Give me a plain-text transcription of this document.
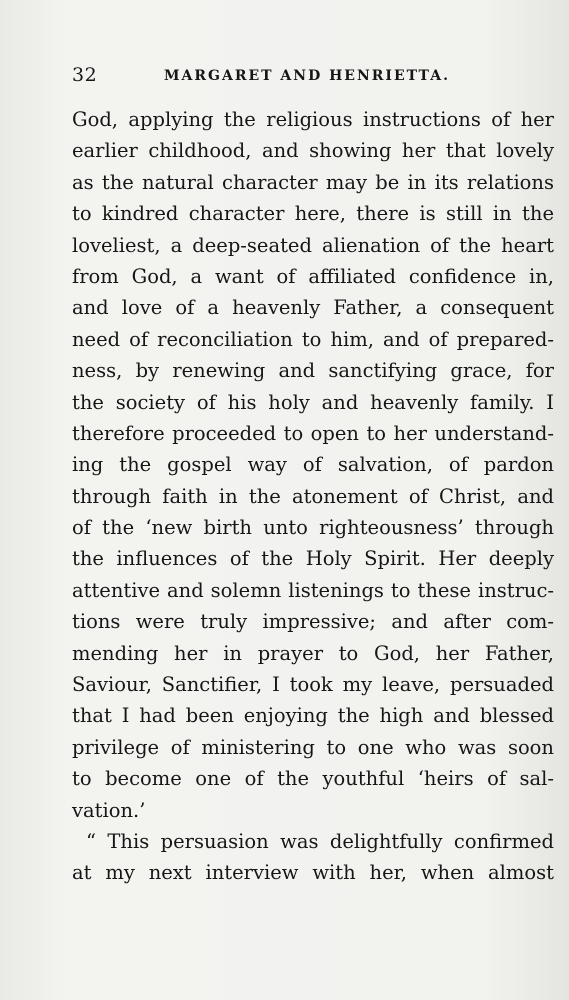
32	MARGARET AND HENRIETTA.
God, applying the religious instructions of her
earlier childhood, and showing her that lovely
as the natural character may be in its relations
to kindred character here, there is still in the
loveliest, a deep-seated alienation of the heart
from God, a want of affiliated confidence in,
and love of a heavenly Father, a consequent
need of reconciliation to him, and of prepared-
ness, by renewing and sanctifying grace, for
the society of his holy and heavenly family. I
therefore proceeded to open to her understand-
ing the gospel way of salvation, of pardon
through faith in the atonement of Christ, and
of the ‘new birth unto righteousness’ through
the influences of the Holy Spirit. Her deeply
attentive and solemn listenings to these instruc-
tions were truly impressive; and after com-
mending her in prayer to God, her Father,
Saviour, Sanctifier, I took my leave, persuaded
that I had been enjoying the high and blessed
privilege of ministering to one who was soon
to become one of the youthful ‘heirs of sal-
vation.’
“ This persuasion was delightfully confirmed
at my next interview with her, when almost
